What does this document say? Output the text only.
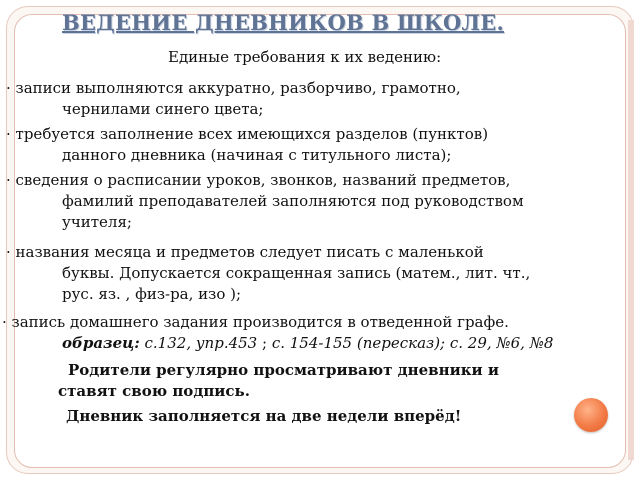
ВЕДЕНИЕ ДНЕВНИКОВ В ШКОЛЕ.
Единые требования к их ведению:
· записи выполняются аккуратно, разборчиво, грамотно,
чернилами синего цвета;
· требуется заполнение всех имеющихся разделов (пунктов)
данного дневника (начиная с титульного листа);
· сведения о расписании уроков, звонков, названий предметов,
фамилий преподавателей заполняются под руководством
учителя;
· названия месяца и предметов следует писать с маленькой
буквы. Допускается сокращенная запись (матем., лит. чт.,
рус. яз. , физ-ра, изо );
· запись домашнего задания производится в отведенной графе.
образец: с.132, упр.453 ; с. 154-155 (пересказ); с. 29, №6, №8
Родители регулярно просматривают дневники и
ставят свою подпись.
Дневник заполняется на две недели вперёд!
